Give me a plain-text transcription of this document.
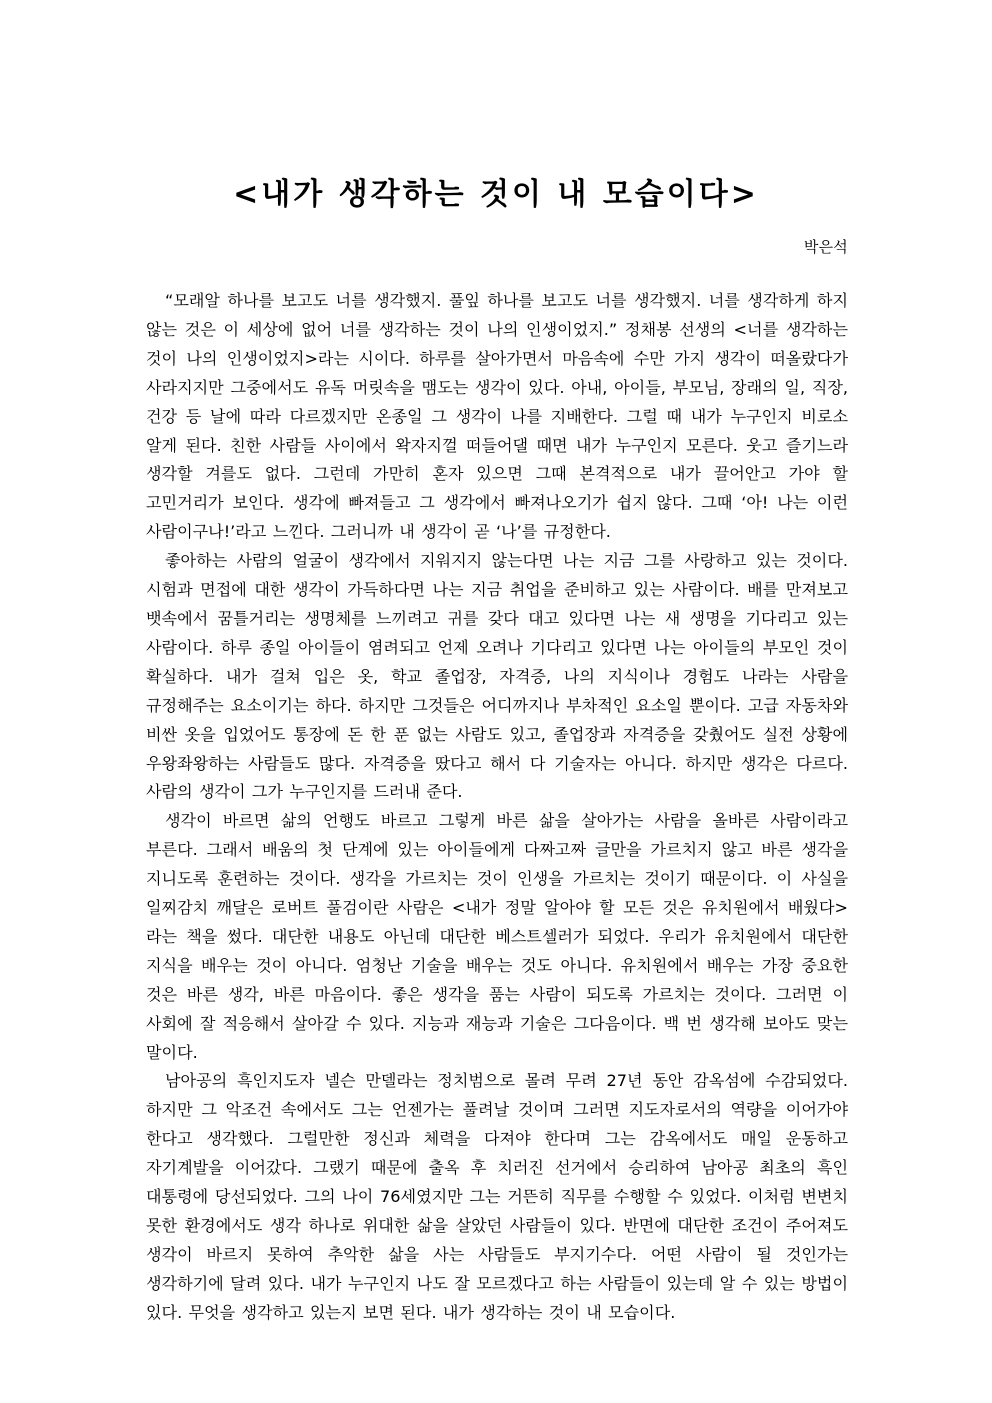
<내가 생각하는 것이 내 모습이다>
박은석

“모래알 하나를 보고도 너를 생각했지. 풀잎 하나를 보고도 너를 생각했지. 너를 생각하게 하지 않는 것은 이 세상에 없어 너를 생각하는 것이 나의 인생이었지.” 정채봉 선생의 <너를 생각하는 것이 나의 인생이었지>라는 시이다. 하루를 살아가면서 마음속에 수만 가지 생각이 떠올랐다가 사라지지만 그중에서도 유독 머릿속을 맴도는 생각이 있다. 아내, 아이들, 부모님, 장래의 일, 직장, 건강 등 날에 따라 다르겠지만 온종일 그 생각이 나를 지배한다. 그럴 때 내가 누구인지 비로소 알게 된다. 친한 사람들 사이에서 왁자지껄 떠들어댈 때면 내가 누구인지 모른다. 웃고 즐기느라 생각할 겨를도 없다. 그런데 가만히 혼자 있으면 그때 본격적으로 내가 끌어안고 가야 할 고민거리가 보인다. 생각에 빠져들고 그 생각에서 빠져나오기가 쉽지 않다. 그때 ‘아! 나는 이런 사람이구나!’라고 느낀다. 그러니까 내 생각이 곧 ‘나’를 규정한다.

좋아하는 사람의 얼굴이 생각에서 지워지지 않는다면 나는 지금 그를 사랑하고 있는 것이다. 시험과 면접에 대한 생각이 가득하다면 나는 지금 취업을 준비하고 있는 사람이다. 배를 만져보고 뱃속에서 꿈틀거리는 생명체를 느끼려고 귀를 갖다 대고 있다면 나는 새 생명을 기다리고 있는 사람이다. 하루 종일 아이들이 염려되고 언제 오려나 기다리고 있다면 나는 아이들의 부모인 것이 확실하다. 내가 걸쳐 입은 옷, 학교 졸업장, 자격증, 나의 지식이나 경험도 나라는 사람을 규정해주는 요소이기는 하다. 하지만 그것들은 어디까지나 부차적인 요소일 뿐이다. 고급 자동차와 비싼 옷을 입었어도 통장에 돈 한 푼 없는 사람도 있고, 졸업장과 자격증을 갖췄어도 실전 상황에 우왕좌왕하는 사람들도 많다. 자격증을 땄다고 해서 다 기술자는 아니다. 하지만 생각은 다르다. 사람의 생각이 그가 누구인지를 드러내 준다.

생각이 바르면 삶의 언행도 바르고 그렇게 바른 삶을 살아가는 사람을 올바른 사람이라고 부른다. 그래서 배움의 첫 단계에 있는 아이들에게 다짜고짜 글만을 가르치지 않고 바른 생각을 지니도록 훈련하는 것이다. 생각을 가르치는 것이 인생을 가르치는 것이기 때문이다. 이 사실을 일찌감치 깨달은 로버트 풀검이란 사람은 <내가 정말 알아야 할 모든 것은 유치원에서 배웠다>라는 책을 썼다. 대단한 내용도 아닌데 대단한 베스트셀러가 되었다. 우리가 유치원에서 대단한 지식을 배우는 것이 아니다. 엄청난 기술을 배우는 것도 아니다. 유치원에서 배우는 가장 중요한 것은 바른 생각, 바른 마음이다. 좋은 생각을 품는 사람이 되도록 가르치는 것이다. 그러면 이 사회에 잘 적응해서 살아갈 수 있다. 지능과 재능과 기술은 그다음이다. 백 번 생각해 보아도 맞는 말이다.

남아공의 흑인지도자 넬슨 만델라는 정치범으로 몰려 무려 27년 동안 감옥섬에 수감되었다. 하지만 그 악조건 속에서도 그는 언젠가는 풀려날 것이며 그러면 지도자로서의 역량을 이어가야 한다고 생각했다. 그럴만한 정신과 체력을 다져야 한다며 그는 감옥에서도 매일 운동하고 자기계발을 이어갔다. 그랬기 때문에 출옥 후 치러진 선거에서 승리하여 남아공 최초의 흑인 대통령에 당선되었다. 그의 나이 76세였지만 그는 거뜬히 직무를 수행할 수 있었다. 이처럼 변변치 못한 환경에서도 생각 하나로 위대한 삶을 살았던 사람들이 있다. 반면에 대단한 조건이 주어져도 생각이 바르지 못하여 추악한 삶을 사는 사람들도 부지기수다. 어떤 사람이 될 것인가는 생각하기에 달려 있다. 내가 누구인지 나도 잘 모르겠다고 하는 사람들이 있는데 알 수 있는 방법이 있다. 무엇을 생각하고 있는지 보면 된다. 내가 생각하는 것이 내 모습이다.
